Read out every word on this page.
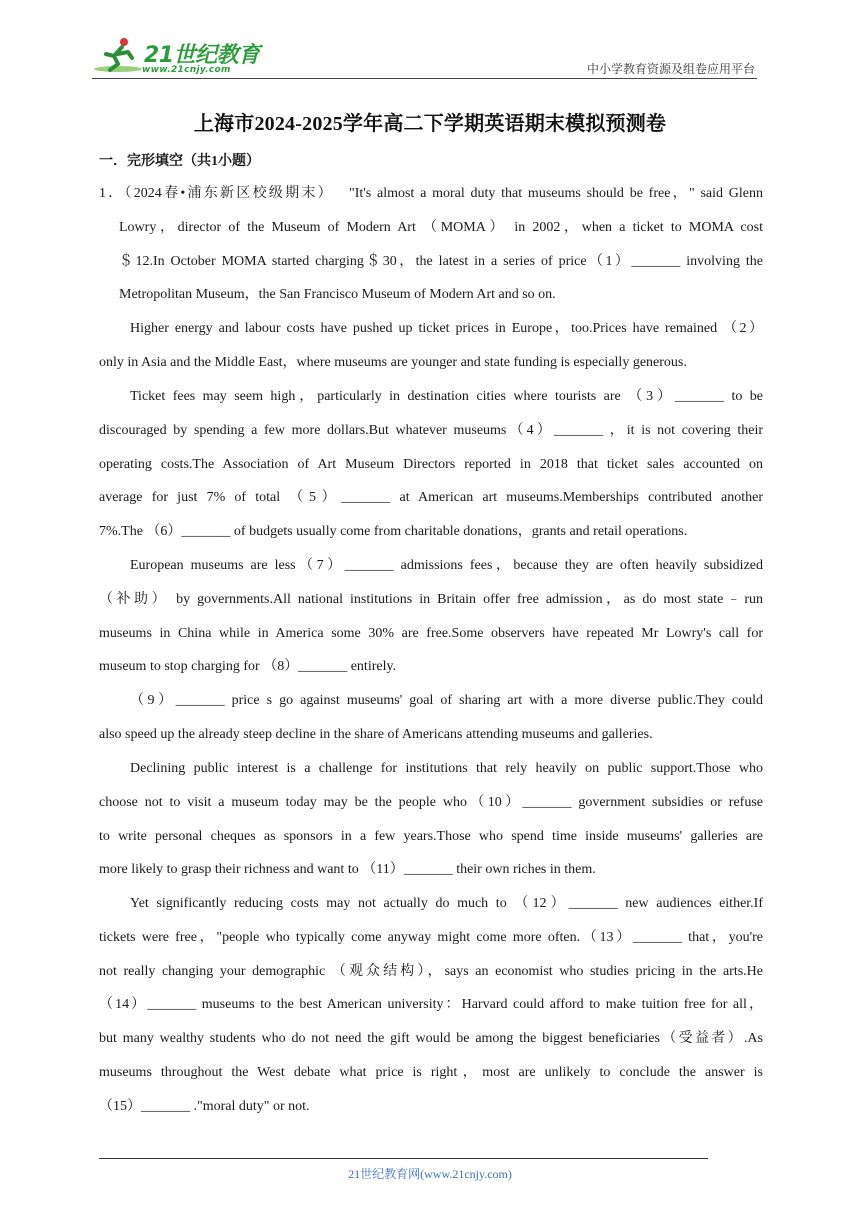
21世纪教育
www.21cnjy.com	中小学教育资源及组卷应用平台
上海市2024-2025学年高二下学期英语期末模拟预测卷
一．完形填空（共1小题）
1．（2024春•浦东新区校级期末）　 "It's almost a moral duty that museums should be free，" said Glenn
Lowry，director of the Museum of Modern Art （MOMA） in 2002，when a ticket to MOMA cost
＄12.In October MOMA started charging＄30，the latest in a series of price（1）_______ involving the
Metropolitan Museum，the San Francisco Museum of Modern Art and so on.
Higher energy and labour costs have pushed up ticket prices in Europe，too.Prices have remained （2）
only in Asia and the Middle East，where museums are younger and state funding is especially generous.
Ticket fees may seem high，particularly in destination cities where tourists are （3）_______ to be
discouraged by spending a few more dollars.But whatever museums（4）_______ ，it is not covering their
operating costs.The Association of Art Museum Directors reported in 2018 that ticket sales accounted on
average for just 7% of total （5）_______ at American art museums.Memberships contributed another
7%.The （6）_______ of budgets usually come from charitable donations，grants and retail operations.
European museums are less（7）_______ admissions fees，because they are often heavily subsidized
（补助） by governments.All national institutions in Britain offer free admission，as do most state﹣run
museums in China while in America some 30% are free.Some observers have repeated Mr Lowry's call for
museum to stop charging for （8）_______ entirely.
（9）_______ price s go against museums' goal of sharing art with a more diverse public.They could
also speed up the already steep decline in the share of Americans attending museums and galleries.
Declining public interest is a challenge for institutions that rely heavily on public support.Those who
choose not to visit a museum today may be the people who（10）_______ government subsidies or refuse
to write personal cheques as sponsors in a few years.Those who spend time inside museums' galleries are
more likely to grasp their richness and want to （11）_______ their own riches in them.
Yet significantly reducing costs may not actually do much to （12）_______ new audiences either.If
tickets were free，"people who typically come anyway might come more often.（13）_______ that，you're
not really changing your demographic （观众结构），says an economist who studies pricing in the arts.He
（14）_______ museums to the best American university：Harvard could afford to make tuition free for all，
but many wealthy students who do not need the gift would be among the biggest beneficiaries（受益者）.As
museums throughout the West debate what price is right，most are unlikely to conclude the answer is
（15）_______ ."moral duty" or not.
21世纪教育网(www.21cnjy.com)
